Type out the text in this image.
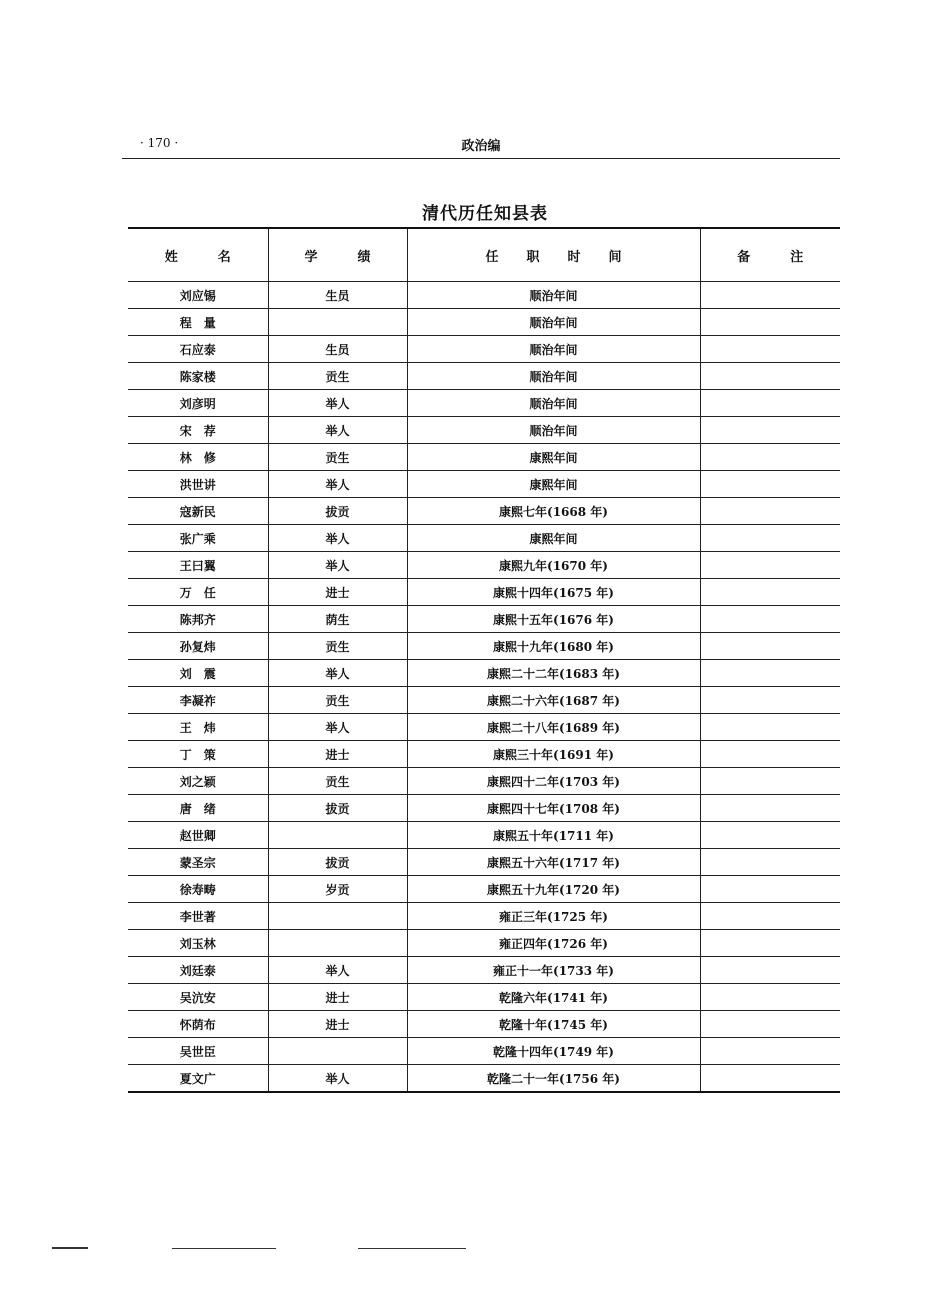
· 170 ·	政治编
清代历任知县表
姓 名	学 绩	任 职 时 间	备 注

刘应锡	生员	顺治年间	
程　量		顺治年间	
石应泰	生员	顺治年间	
陈家楼	贡生	顺治年间	
刘彦明	举人	顺治年间	
宋　荐	举人	顺治年间	
林　修	贡生	康熙年间	
洪世讲	举人	康熙年间	
寇新民	拔贡	康熙七年(1668 年)	
张广乘	举人	康熙年间	
王曰翼	举人	康熙九年(1670 年)	
万　任	进士	康熙十四年(1675 年)	
陈邦齐	荫生	康熙十五年(1676 年)	
孙复炜	贡生	康熙十九年(1680 年)	
刘　震	举人	康熙二十二年(1683 年)	
李凝祚	贡生	康熙二十六年(1687 年)	
王　炜	举人	康熙二十八年(1689 年)	
丁　策	进士	康熙三十年(1691 年)	
刘之颖	贡生	康熙四十二年(1703 年)	
唐　绪	拔贡	康熙四十七年(1708 年)	
赵世卿		康熙五十年(1711 年)	
蒙圣宗	拔贡	康熙五十六年(1717 年)	
徐寿畴	岁贡	康熙五十九年(1720 年)	
李世著		雍正三年(1725 年)	
刘玉林		雍正四年(1726 年)	
刘廷泰	举人	雍正十一年(1733 年)	
吴沆安	进士	乾隆六年(1741 年)	
怀荫布	进士	乾隆十年(1745 年)	
吴世臣		乾隆十四年(1749 年)	
夏文广	举人	乾隆二十一年(1756 年)	
